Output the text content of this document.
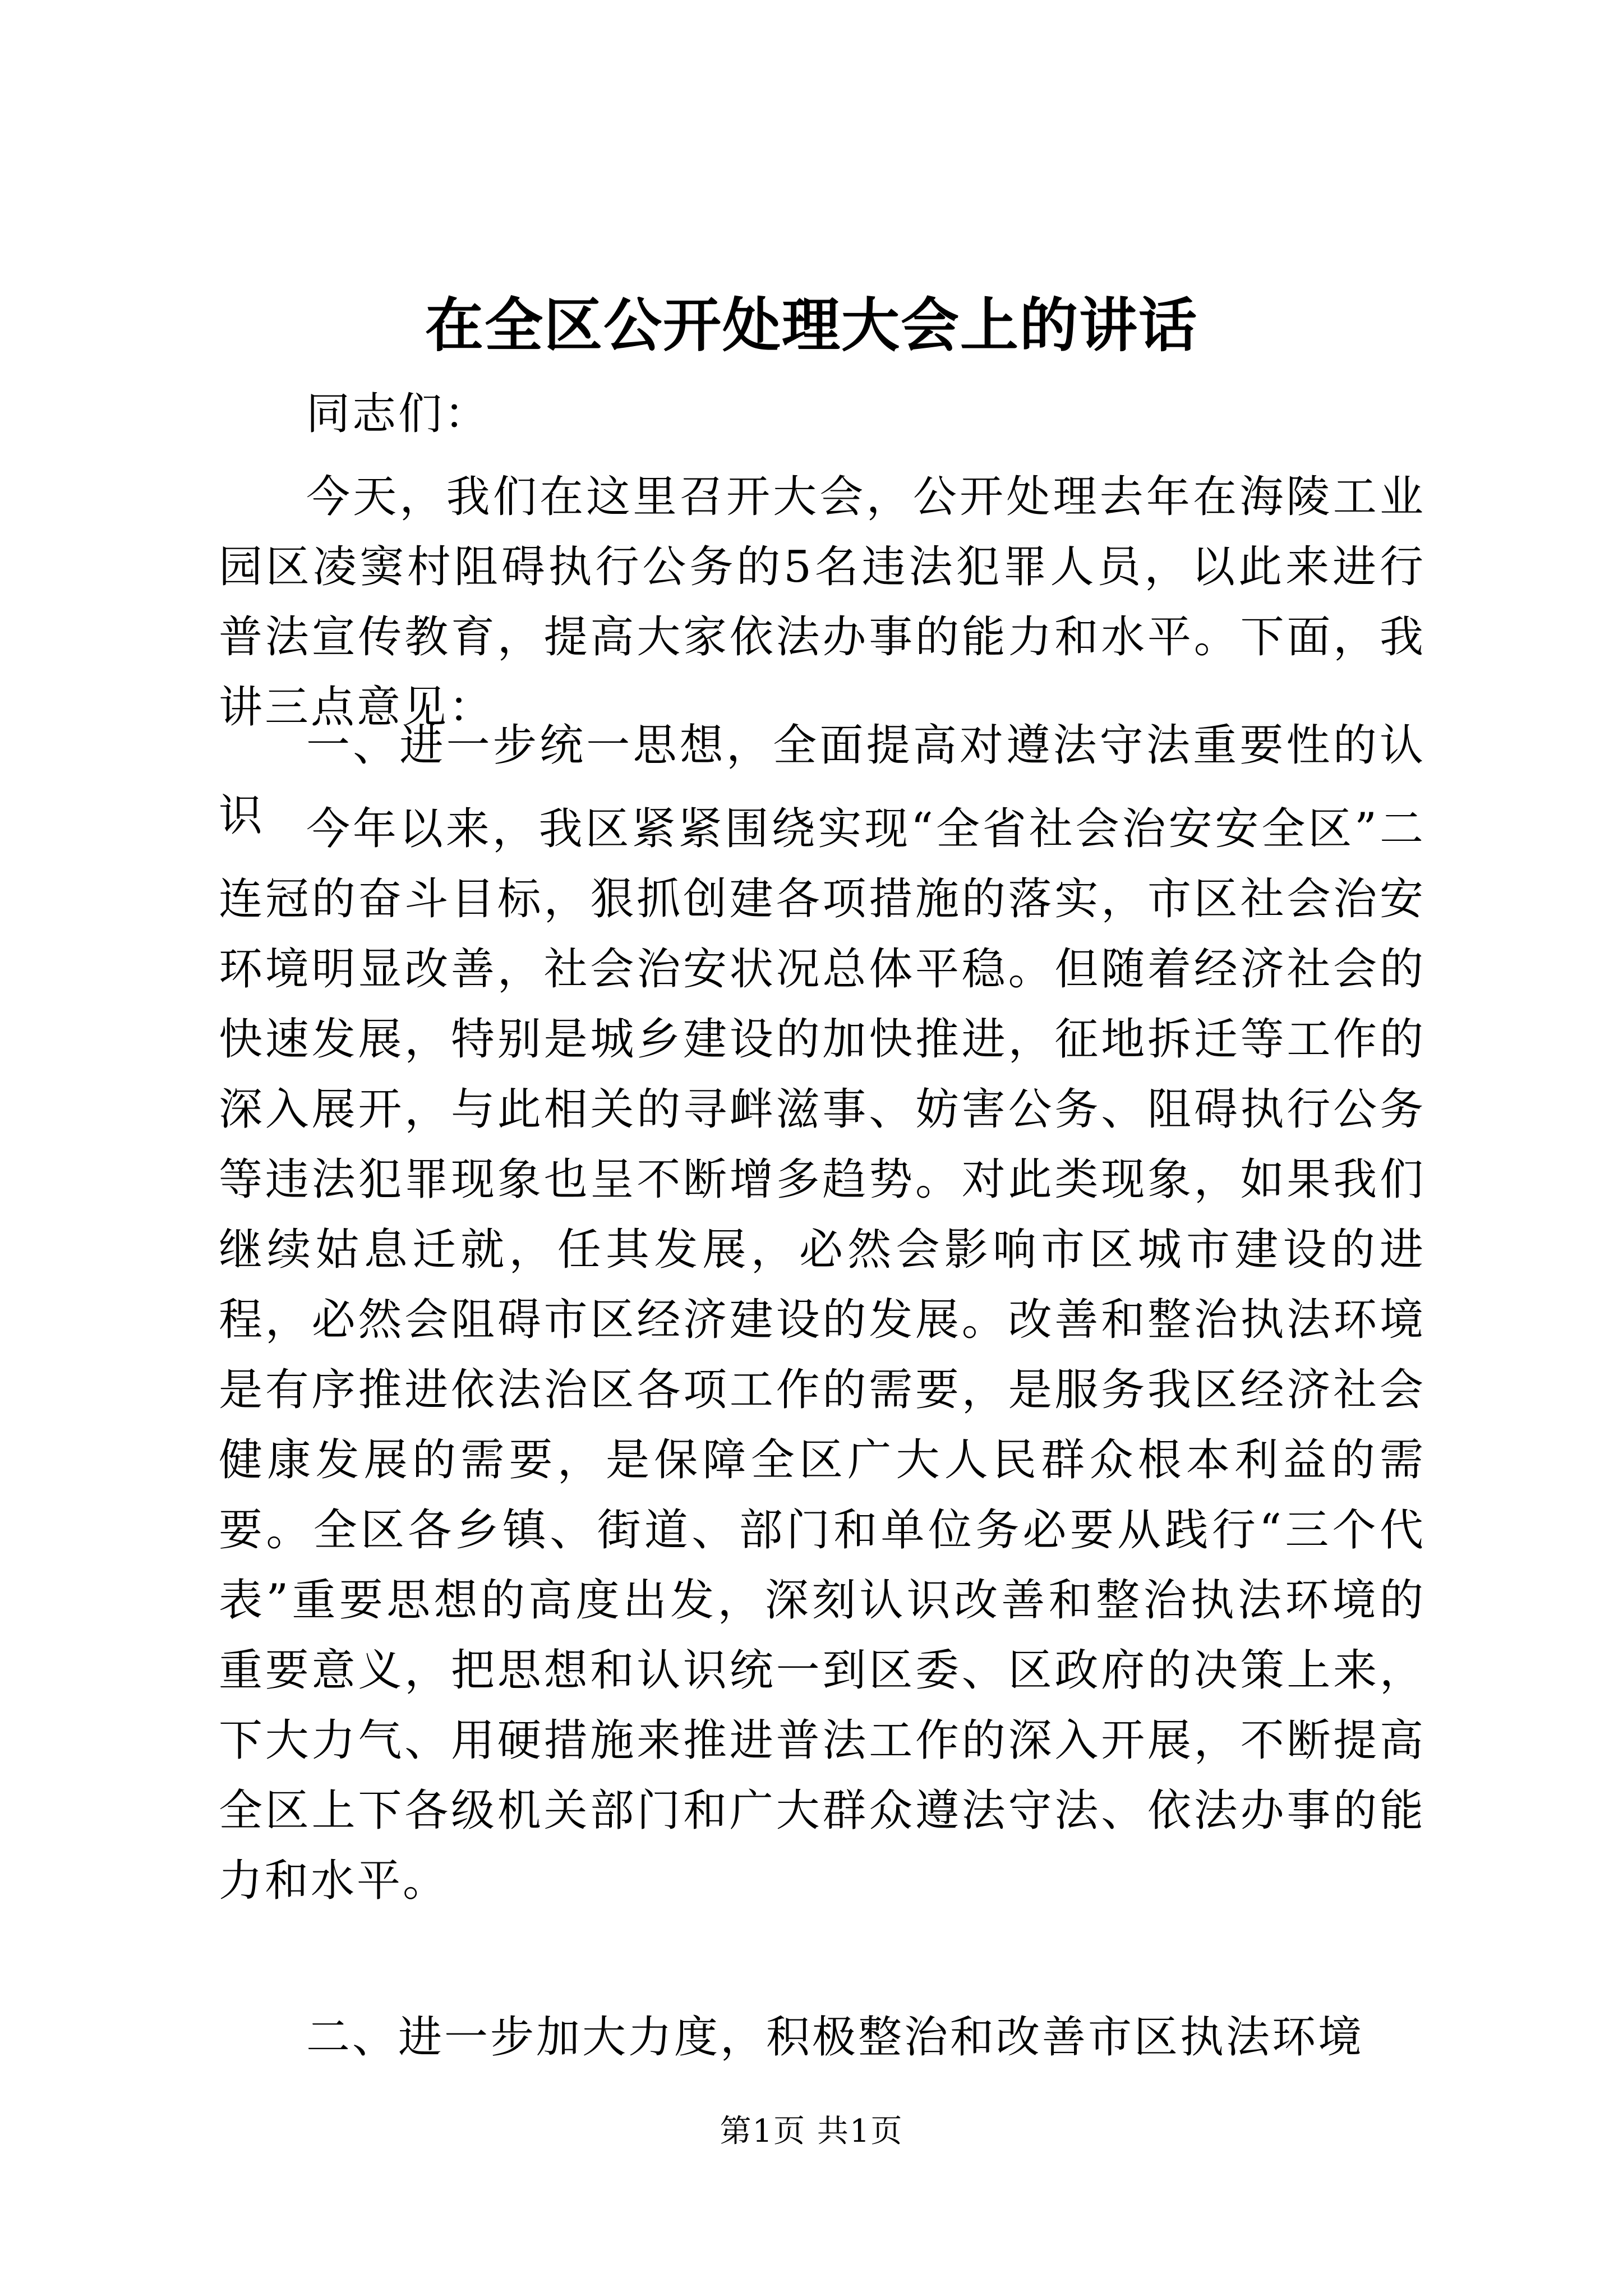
在全区公开处理大会上的讲话

同志们：

今天，我们在这里召开大会，公开处理去年在海陵工业园区凌窦村阻碍执行公务的5名违法犯罪人员，以此来进行普法宣传教育，提高大家依法办事的能力和水平。下面，我讲三点意见：

一、进一步统一思想，全面提高对遵法守法重要性的认识 今年以来，我区紧紧围绕实现“全省社会治安安全区”二连冠的奋斗目标，狠抓创建各项措施的落实，市区社会治安环境明显改善，社会治安状况总体平稳。但随着经济社会的快速发展，特别是城乡建设的加快推进，征地拆迁等工作的深入展开，与此相关的寻衅滋事、妨害公务、阻碍执行公务等违法犯罪现象也呈不断增多趋势。对此类现象，如果我们继续姑息迁就，任其发展，必然会影响市区城市建设的进程，必然会阻碍市区经济建设的发展。改善和整治执法环境是有序推进依法治区各项工作的需要，是服务我区经济社会健康发展的需要，是保障全区广大人民群众根本利益的需要。全区各乡镇、街道、部门和单位务必要从践行“三个代表”重要思想的高度出发，深刻认识改善和整治执法环境的重要意义，把思想和认识统一到区委、区政府的决策上来，下大力气、用硬措施来推进普法工作的深入开展，不断提高全区上下各级机关部门和广大群众遵法守法、依法办事的能力和水平。

二、进一步加大力度，积极整治和改善市区执法环境

第1页 共1页
